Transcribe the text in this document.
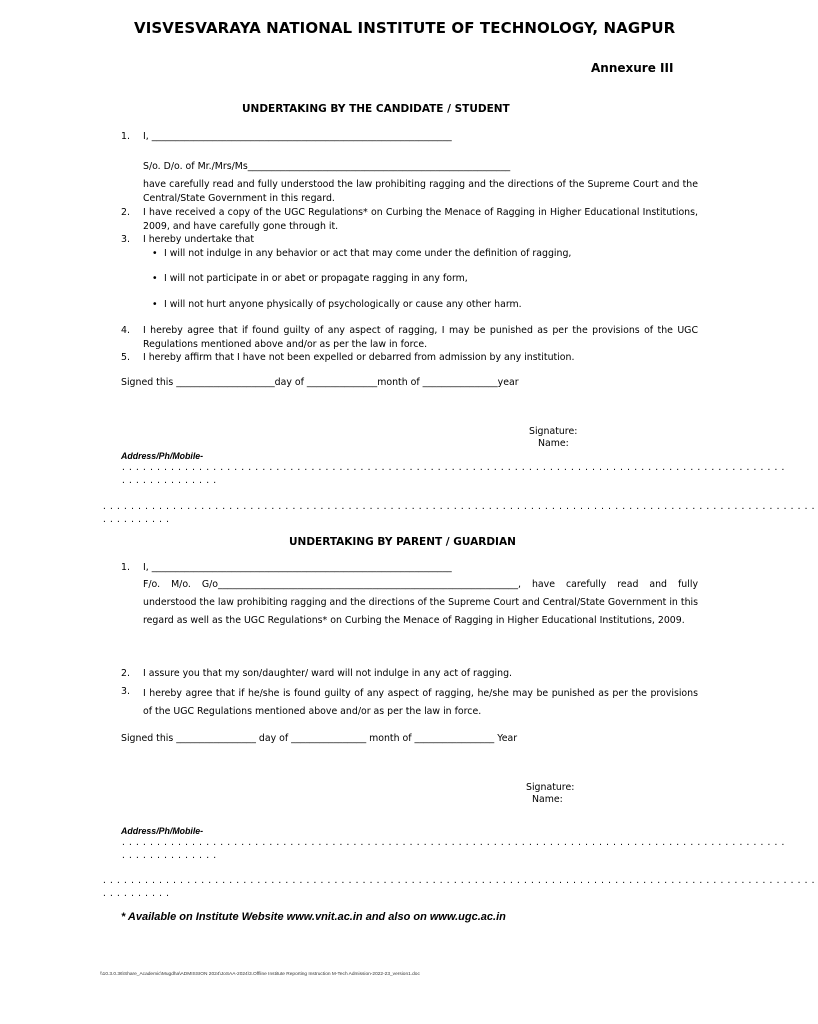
VISVESVARAYA NATIONAL INSTITUTE OF TECHNOLOGY, NAGPUR
Annexure III
UNDERTAKING BY THE CANDIDATE / STUDENT
1. I, ________________________________________________________________
S/o. D/o. of Mr./Mrs/Ms________________________________________________________
have carefully read and fully understood the law prohibiting ragging and the directions of the Supreme Court and the Central/State Government in this regard.
2. I have received a copy of the UGC Regulations* on Curbing the Menace of Ragging in Higher Educational Institutions, 2009, and have carefully gone through it.
3. I hereby undertake that
• I will not indulge in any behavior or act that may come under the definition of ragging,
• I will not participate in or abet or propagate ragging in any form,
• I will not hurt anyone physically of psychologically or cause any other harm.
4. I hereby agree that if found guilty of any aspect of ragging, I may be punished as per the provisions of the UGC Regulations mentioned above and/or as per the law in force.
5. I hereby affirm that I have not been expelled or debarred from admission by any institution.
Signed this _____________________day of _______________month of ________________year
Signature:
Name:
Address/Ph/Mobile-
...............................................................................................
..............
......................................................................................................
..........
UNDERTAKING BY PARENT / GUARDIAN
1. I, ________________________________________________________________
F/o. M/o. G/o________________________________________________________________, have carefully read and fully understood the law prohibiting ragging and the directions of the Supreme Court and Central/State Government in this regard as well as the UGC Regulations* on Curbing the Menace of Ragging in Higher Educational Institutions, 2009.
2. I assure you that my son/daughter/ ward will not indulge in any act of ragging.
3. I hereby agree that if he/she is found guilty of any aspect of ragging, he/she may be punished as per the provisions of the UGC Regulations mentioned above and/or as per the law in force.
Signed this _________________ day of ________________ month of _________________ Year
Signature:
Name:
Address/Ph/Mobile-
...............................................................................................
..............
......................................................................................................
..........
* Available on Institute Website www.vnit.ac.in and also on www.ugc.ac.in
\\10.3.0.36\Share_Academic\Mugdha\ADMISSION 2024\JoSAA-2024\3.Offline Institute Reporting Instruction M-Tech Admission-2022-23_version1.doc
